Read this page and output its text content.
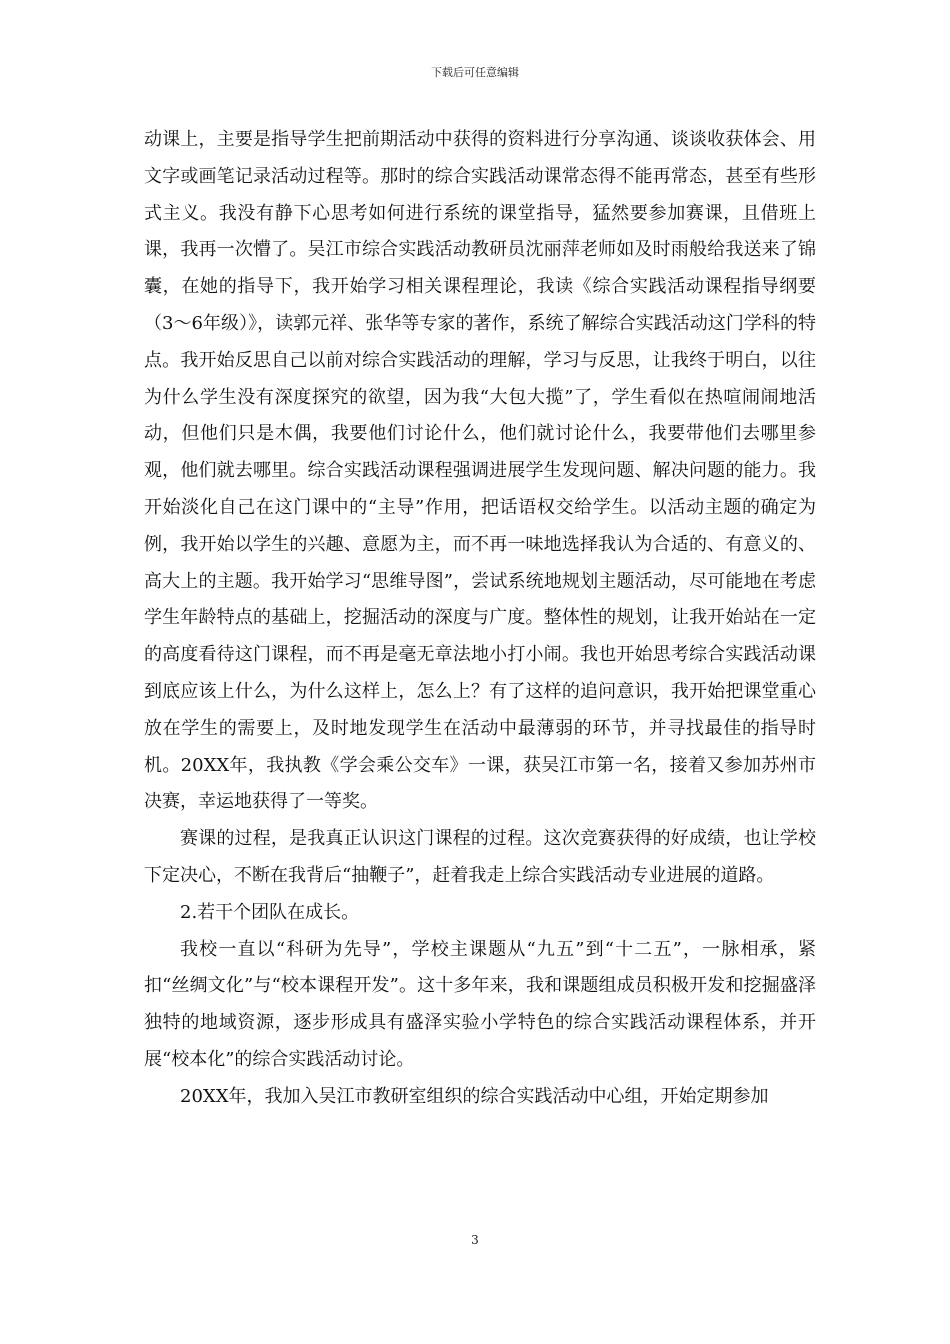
下载后可任意编辑

动课上，主要是指导学生把前期活动中获得的资料进行分享沟通、谈谈收获体会、用文字或画笔记录活动过程等。那时的综合实践活动课常态得不能再常态，甚至有些形式主义。我没有静下心思考如何进行系统的课堂指导，猛然要参加赛课，且借班上课，我再一次懵了。吴江市综合实践活动教研员沈丽萍老师如及时雨般给我送来了锦囊，在她的指导下，我开始学习相关课程理论，我读《综合实践活动课程指导纲要（3～6年级）》，读郭元祥、张华等专家的著作，系统了解综合实践活动这门学科的特点。我开始反思自己以前对综合实践活动的理解，学习与反思，让我终于明白，以往为什么学生没有深度探究的欲望，因为我“大包大揽”了，学生看似在热喧闹闹地活动，但他们只是木偶，我要他们讨论什么，他们就讨论什么，我要带他们去哪里参观，他们就去哪里。综合实践活动课程强调进展学生发现问题、解决问题的能力。我开始淡化自己在这门课中的“主导”作用，把话语权交给学生。以活动主题的确定为例，我开始以学生的兴趣、意愿为主，而不再一味地选择我认为合适的、有意义的、高大上的主题。我开始学习“思维导图”，尝试系统地规划主题活动，尽可能地在考虑学生年龄特点的基础上，挖掘活动的深度与广度。整体性的规划，让我开始站在一定的高度看待这门课程，而不再是毫无章法地小打小闹。我也开始思考综合实践活动课到底应该上什么，为什么这样上，怎么上？有了这样的追问意识，我开始把课堂重心放在学生的需要上，及时地发现学生在活动中最薄弱的环节，并寻找最佳的指导时机。20XX年，我执教《学会乘公交车》一课，获吴江市第一名，接着又参加苏州市决赛，幸运地获得了一等奖。

赛课的过程，是我真正认识这门课程的过程。这次竞赛获得的好成绩，也让学校下定决心，不断在我背后“抽鞭子”，赶着我走上综合实践活动专业进展的道路。

2.若干个团队在成长。

我校一直以“科研为先导”，学校主课题从“九五”到“十二五”，一脉相承，紧扣“丝绸文化”与“校本课程开发”。这十多年来，我和课题组成员积极开发和挖掘盛泽独特的地域资源，逐步形成具有盛泽实验小学特色的综合实践活动课程体系，并开展“校本化”的综合实践活动讨论。

20XX年，我加入吴江市教研室组织的综合实践活动中心组，开始定期参加

3
